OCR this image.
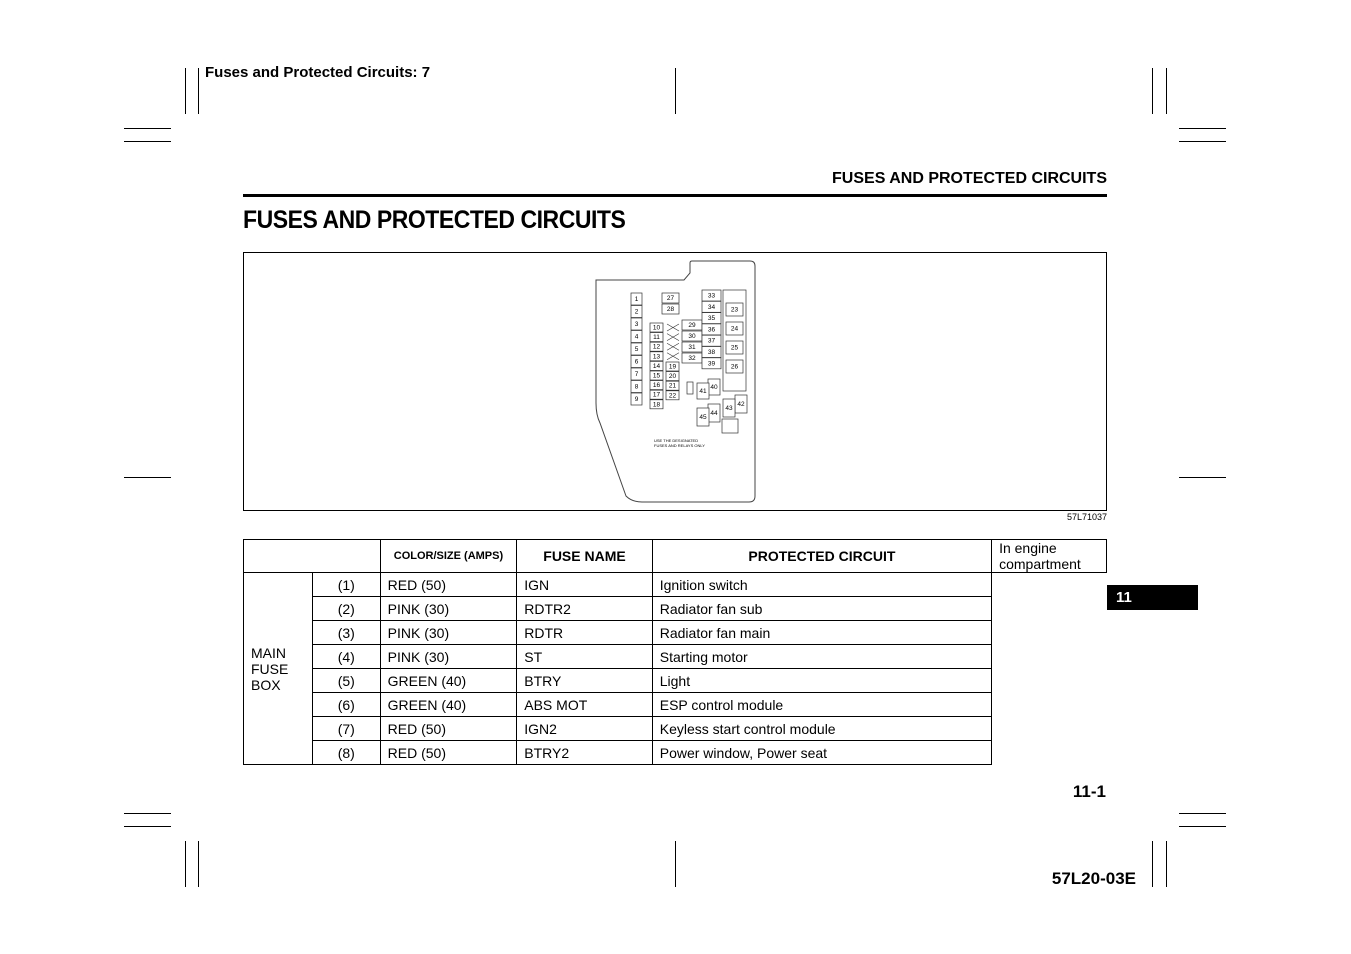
Fuses and Protected Circuits: 7
FUSES AND PROTECTED CIRCUITS
FUSES AND PROTECTED CIRCUITS
1
2
3
4
5
6
7
8
9
10
11
12
13
14
15
16
17
18
19
20
21
22
27
28
29
30
31
32
33
34
35
36
37
38
39
23
24
25
26
40
41
42
43
44
45
USE THE DESIGNATED
FUSES AND RELAYS ONLY
57L71037
		COLOR/SIZE (AMPS)	FUSE NAME	PROTECTED CIRCUIT	In engine compartment

MAIN FUSE BOX	(1)	RED (50)	IGN	Ignition switch	
	(2)	PINK (30)	RDTR2	Radiator fan sub	
	(3)	PINK (30)	RDTR	Radiator fan main	
	(4)	PINK (30)	ST	Starting motor	
	(5)	GREEN (40)	BTRY	Light	
	(6)	GREEN (40)	ABS MOT	ESP control module	
	(7)	RED (50)	IGN2	Keyless start control module	
	(8)	RED (50)	BTRY2	Power window, Power seat	
11
11-1
57L20-03E
